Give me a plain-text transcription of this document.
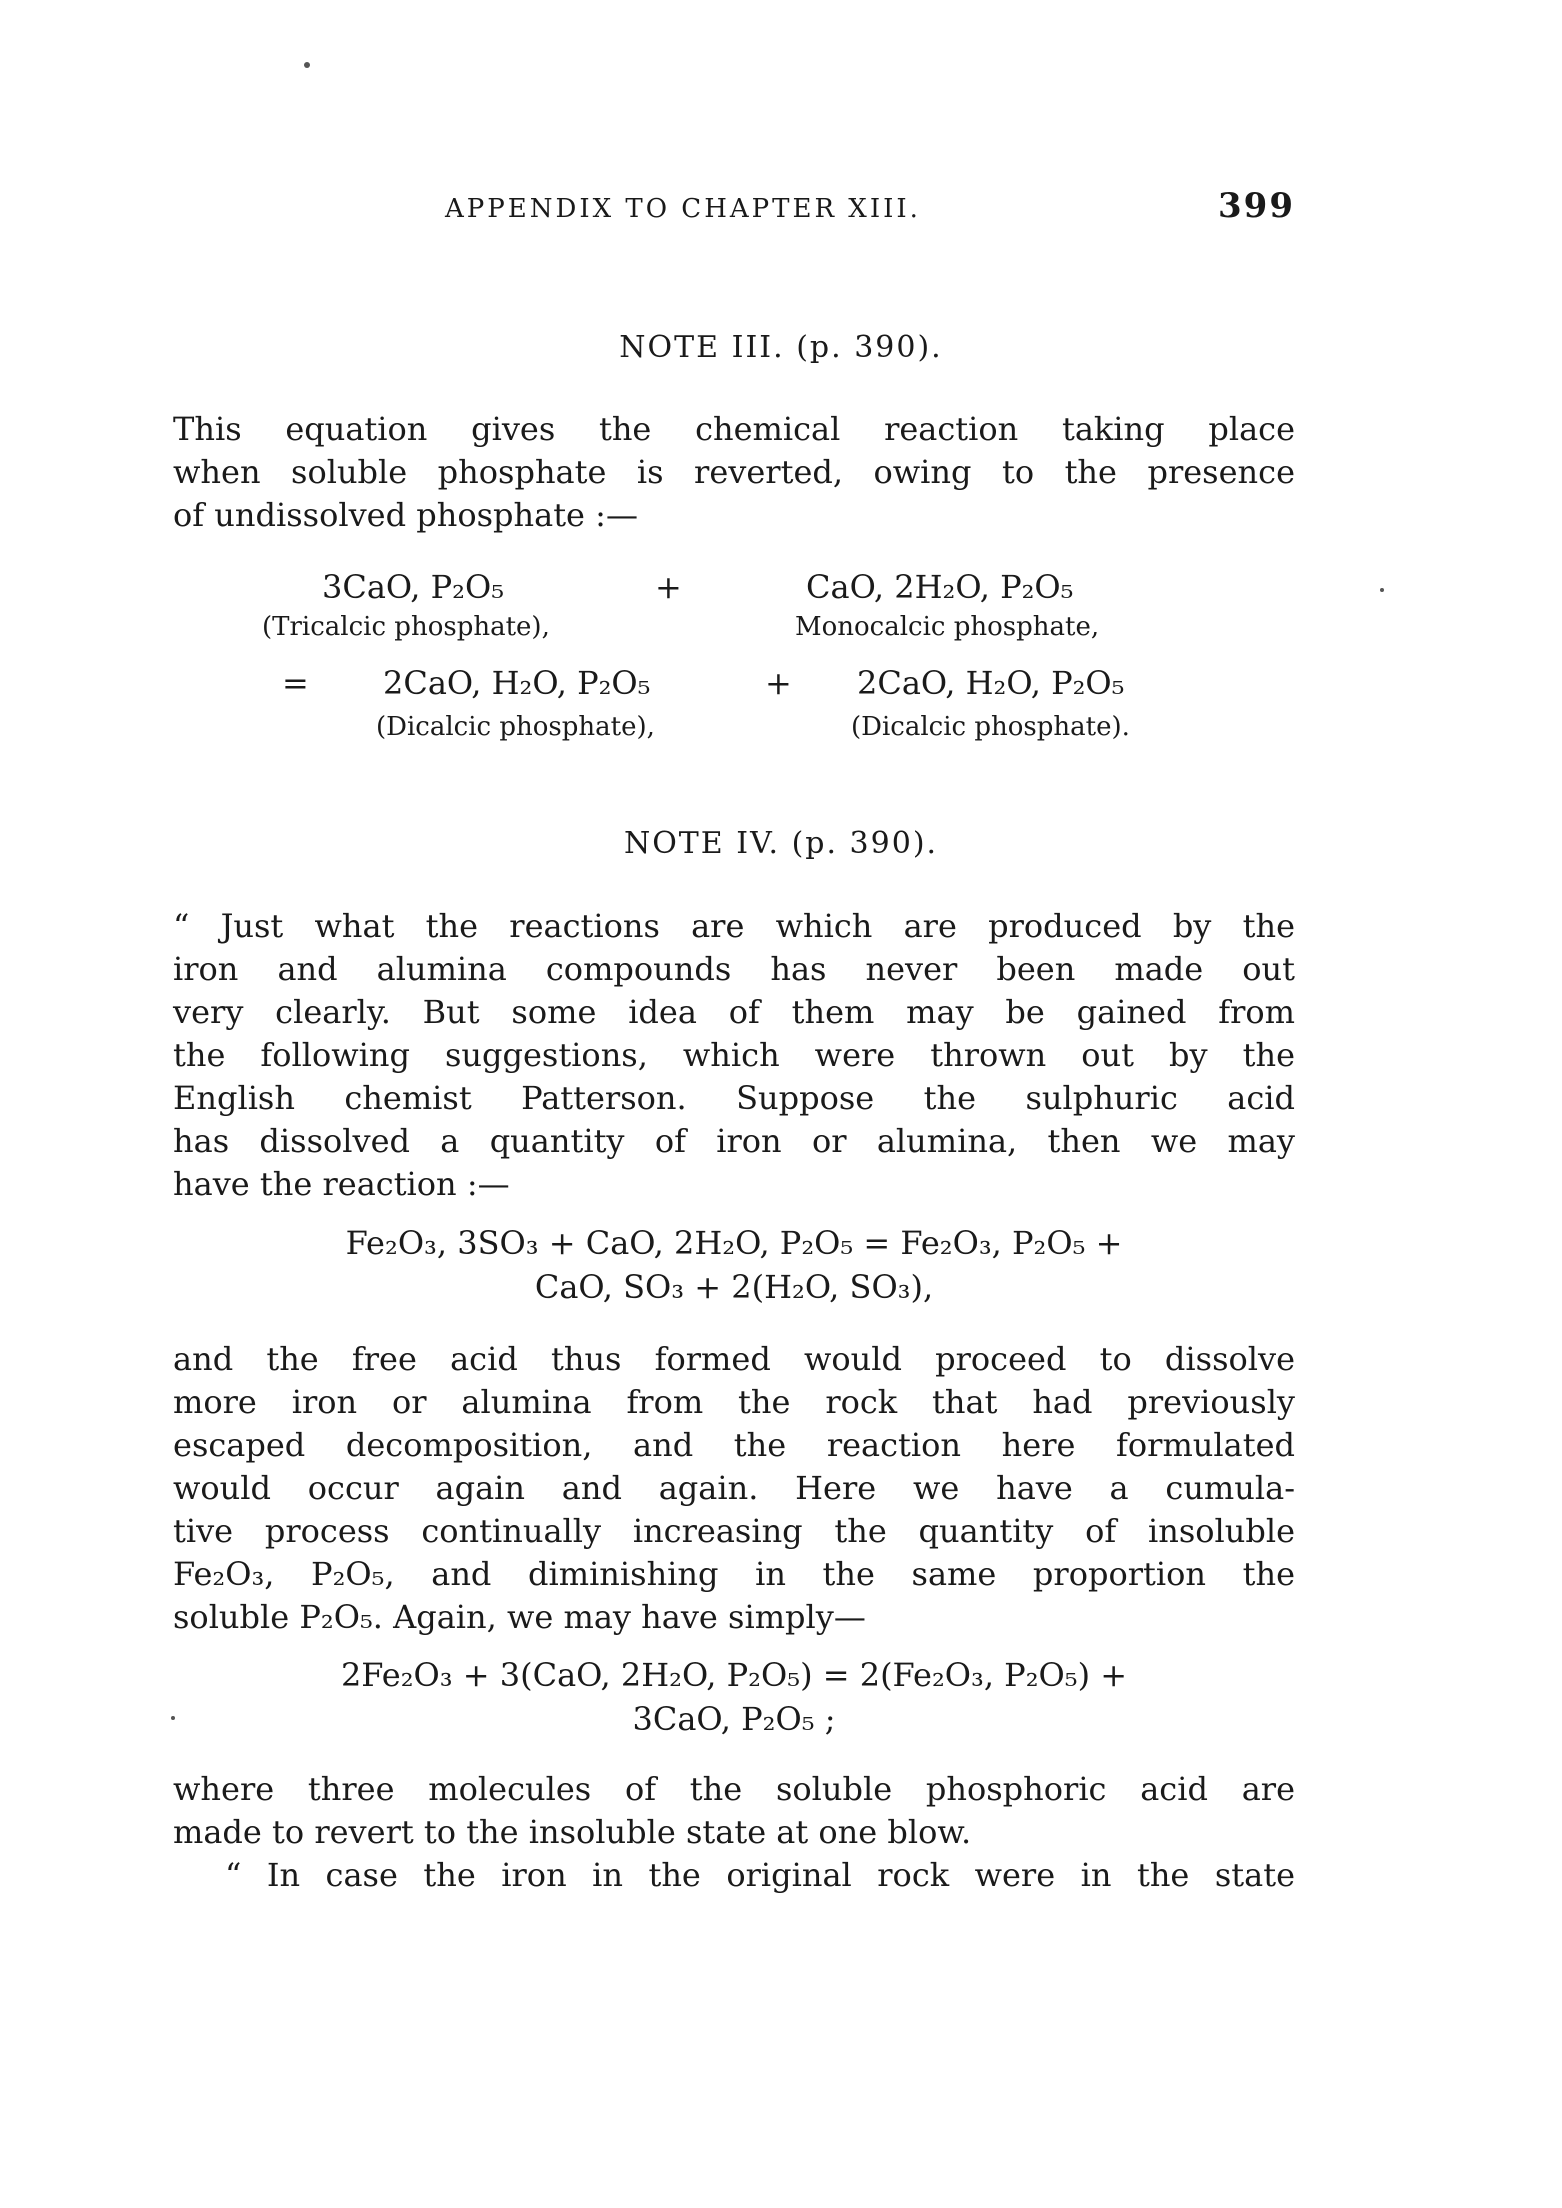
APPENDIX TO CHAPTER XIII.	399
NOTE III. (p. 390).
This equation gives the chemical reaction taking place
when soluble phosphate is reverted, owing to the presence
of undissolved phosphate :—
3CaO, P₂O₅	+	CaO, 2H₂O, P₂O₅
(Tricalcic phosphate),	Monocalcic phosphate,
= 2CaO, H₂O, P₂O₅	+ 2CaO, H₂O, P₂O₅
(Dicalcic phosphate),	(Dicalcic phosphate).
NOTE IV. (p. 390).
“ Just what the reactions are which are produced by the
iron and alumina compounds has never been made out
very clearly. But some idea of them may be gained from
the following suggestions, which were thrown out by the
English chemist Patterson. Suppose the sulphuric acid
has dissolved a quantity of iron or alumina, then we may
have the reaction :—
Fe₂O₃, 3SO₃ + CaO, 2H₂O, P₂O₅ = Fe₂O₃, P₂O₅ +
CaO, SO₃ + 2(H₂O, SO₃),
and the free acid thus formed would proceed to dissolve
more iron or alumina from the rock that had previously
escaped decomposition, and the reaction here formulated
would occur again and again. Here we have a cumula-
tive process continually increasing the quantity of insoluble
Fe₂O₃, P₂O₅, and diminishing in the same proportion the
soluble P₂O₅. Again, we may have simply—
2Fe₂O₃ + 3(CaO, 2H₂O, P₂O₅) = 2(Fe₂O₃, P₂O₅) +
3CaO, P₂O₅ ;
where three molecules of the soluble phosphoric acid are
made to revert to the insoluble state at one blow.
“ In case the iron in the original rock were in the state
